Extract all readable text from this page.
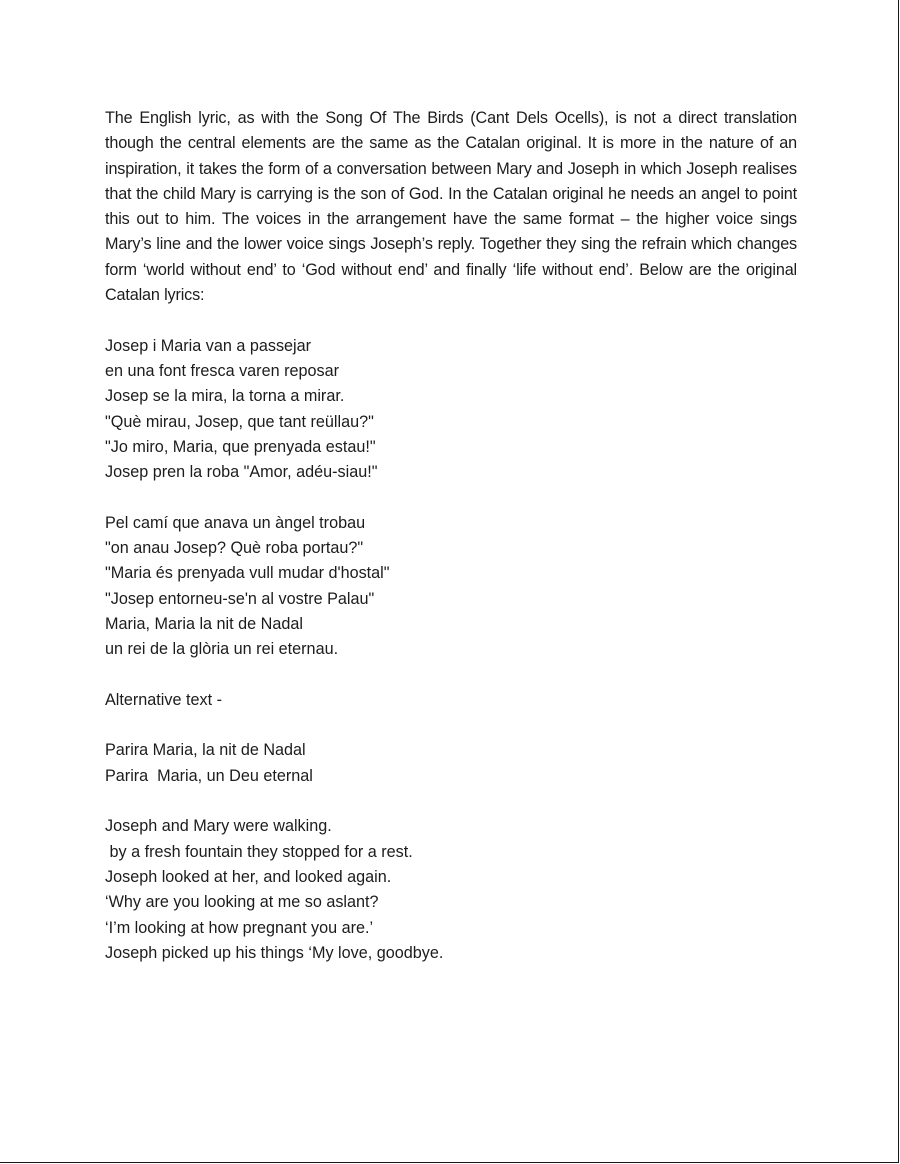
The English lyric, as with the Song Of The Birds (Cant Dels Ocells), is not a direct translation though the central elements are the same as the Catalan original. It is more in the nature of an inspiration, it takes the form of a conversation between Mary and Joseph in which Joseph realises that the child Mary is carrying is the son of God. In the Catalan original he needs an angel to point this out to him. The voices in the arrangement have the same format – the higher voice sings Mary’s line and the lower voice sings Joseph’s reply. Together they sing the refrain which changes form ‘world without end’ to ‘God without end’ and finally ‘life without end’. Below are the original Catalan lyrics:

Josep i Maria van a passejar
en una font fresca varen reposar
Josep se la mira, la torna a mirar.
"Què mirau, Josep, que tant reüllau?"
"Jo miro, Maria, que prenyada estau!"
Josep pren la roba "Amor, adéu-siau!"
Pel camí que anava un àngel trobau
"on anau Josep? Què roba portau?"
"Maria és prenyada vull mudar d'hostal"
"Josep entorneu-se'n al vostre Palau"
Maria, Maria la nit de Nadal
un rei de la glòria un rei eternau.

Alternative text -

Parira Maria, la nit de Nadal
Parira  Maria, un Deu eternal
Joseph and Mary were walking.
by a fresh fountain they stopped for a rest.
Joseph looked at her, and looked again.
‘Why are you looking at me so aslant?
‘I’m looking at how pregnant you are.’
Joseph picked up his things ‘My love, goodbye.
